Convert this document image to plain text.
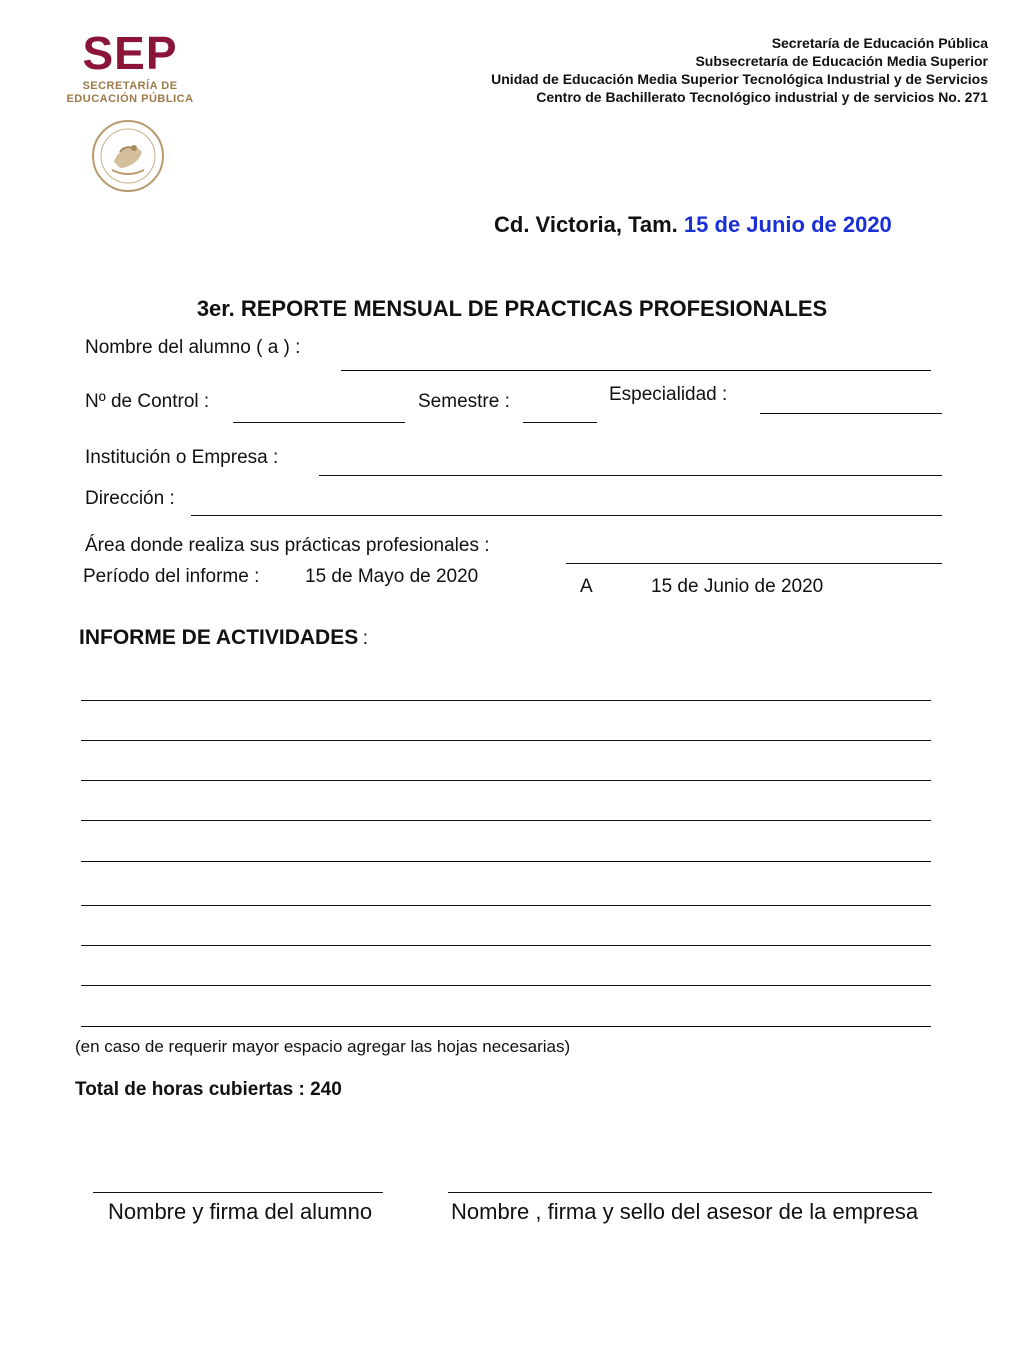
SEP
SECRETARÍA DE
EDUCACIÓN PÚBLICA
Secretaría de Educación Pública
Subsecretaría de Educación Media Superior
Unidad de Educación Media Superior Tecnológica Industrial y de Servicios
Centro de Bachillerato Tecnológico industrial y de servicios No. 271
Cd. Victoria, Tam. 15 de Junio de 2020
3er. REPORTE MENSUAL DE PRACTICAS PROFESIONALES
Nombre del alumno ( a ) :
Nº de Control :	Semestre :	Especialidad :
Institución o Empresa :
Dirección :
Área donde realiza sus prácticas profesionales :
Período del informe : 15 de Mayo de 2020	A	15 de Junio de 2020
INFORME DE ACTIVIDADES :
(en caso de requerir mayor espacio agregar las hojas necesarias)
Total de horas cubiertas : 240
Nombre y firma del alumno	Nombre , firma y sello del asesor de la empresa
